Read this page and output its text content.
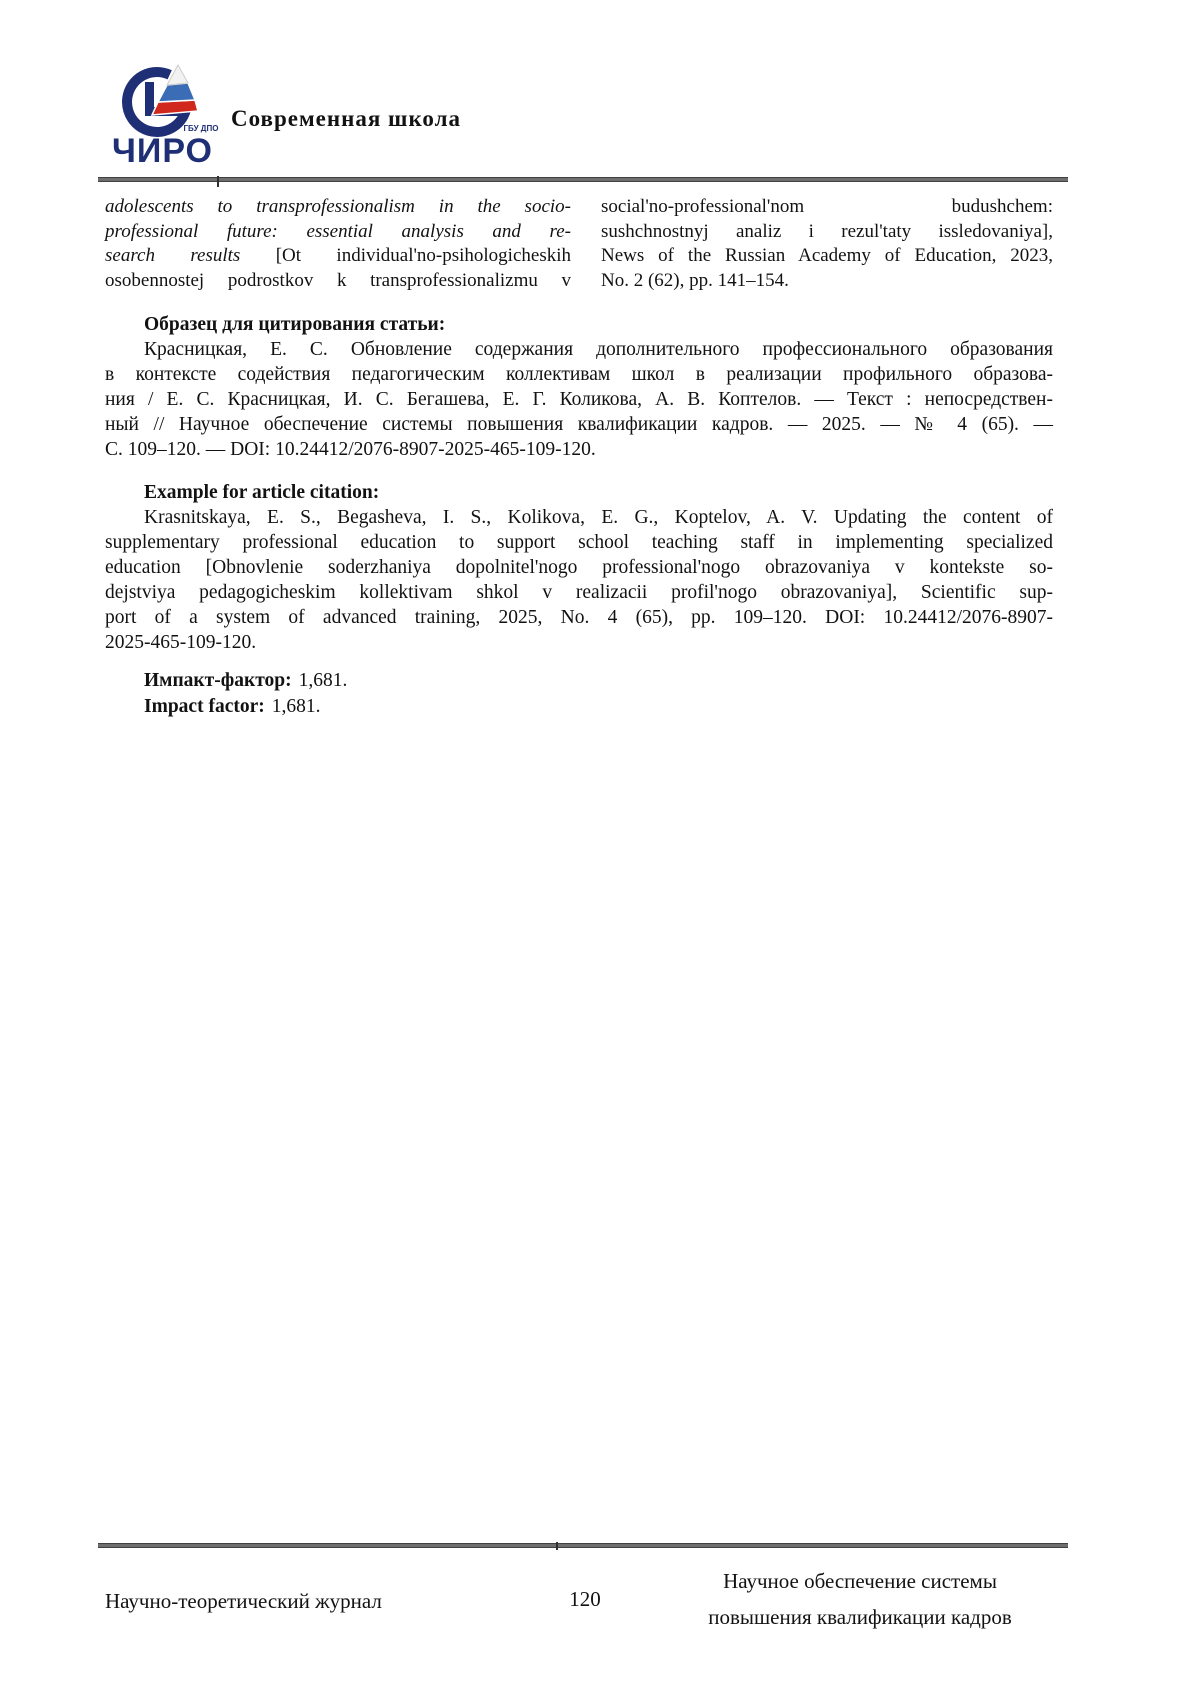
ГБУ ДПО
ЧИРО
Современная школа
adolescents to transprofessionalism in the socio-
professional future: essential analysis and re-
search results [Ot individual'no-psihologicheskih
osobennostej podrostkov k transprofessionalizmu v
social'no-professional'nom budushchem:
sushchnostnyj analiz i rezul'taty issledovaniya],
News of the Russian Academy of Education, 2023,
No. 2 (62), pp. 141–154.
Образец для цитирования статьи:
Красницкая, Е. С. Обновление содержания дополнительного профессионального образования
в контексте содействия педагогическим коллективам школ в реализации профильного образова-
ния / Е. С. Красницкая, И. С. Бегашева, Е. Г. Коликова, А. В. Коптелов. — Текст : непосредствен-
ный // Научное обеспечение системы повышения квалификации кадров. — 2025. — № 4 (65). —
С. 109–120. — DOI: 10.24412/2076-8907-2025-465-109-120.
Example for article citation:
Krasnitskaya, E. S., Begasheva, I. S., Kolikova, E. G., Koptelov, A. V. Updating the content of
supplementary professional education to support school teaching staff in implementing specialized
education [Obnovlenie soderzhaniya dopolnitel'nogo professional'nogo obrazovaniya v kontekste so-
dejstviya pedagogicheskim kollektivam shkol v realizacii profil'nogo obrazovaniya], Scientific sup-
port of a system of advanced training, 2025, No. 4 (65), pp. 109–120. DOI: 10.24412/2076-8907-
2025-465-109-120.
Импакт-фактор: 1,681.
Impact factor: 1,681.
Научно-теоретический журнал	120
Научное обеспечение системы
повышения квалификации кадров
